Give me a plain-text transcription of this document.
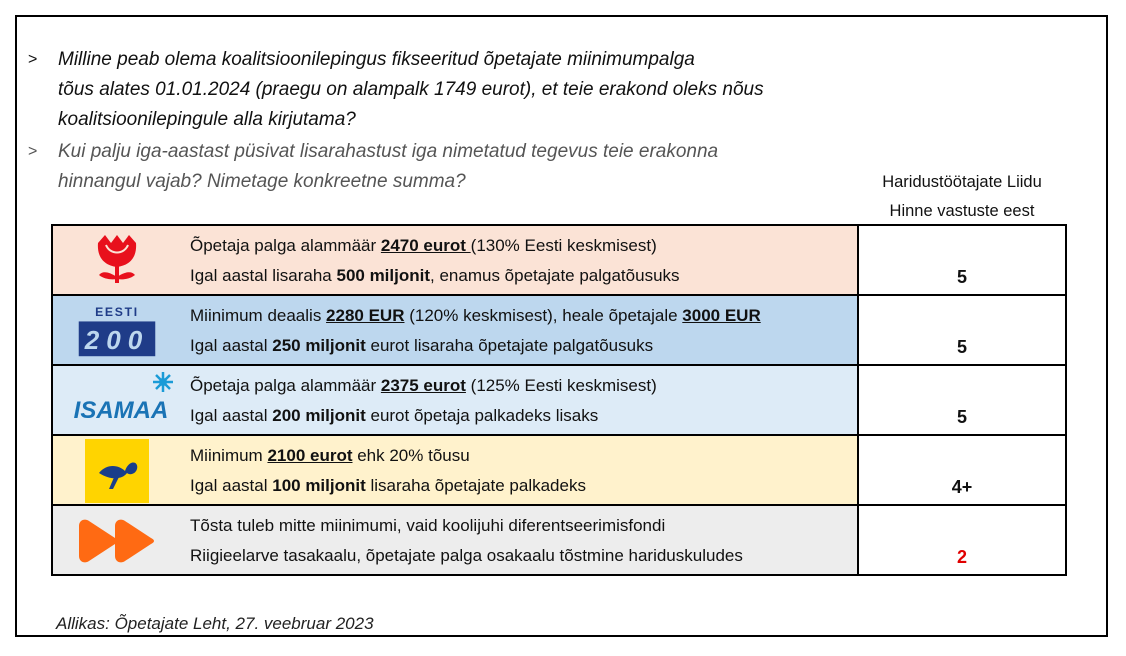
> Milline peab olema koalitsioonilepingus fikseeritud õpetajate miinimumpalga
tõus alates 01.01.2024 (praegu on alampalk 1749 eurot), et teie erakond oleks nõus
koalitsioonilepingule alla kirjutama?
> Kui palju iga-aastast püsivat lisarahastust iga nimetatud tegevus teie erakonna
hinnangul vajab? Nimetage konkreetne summa?	Haridustöötajate Liidu
Hinne vastuste eest
Õpetaja palga alammäär 2470 eurot (130% Eesti keskmisest)
Igal aastal lisaraha 500 miljonit, enamus õpetajate palgatõusuks	5

EESTI
200
Miinimum deaalis 2280 EUR (120% keskmisest), heale õpetajale 3000 EUR
Igal aastal 250 miljonit eurot lisaraha õpetajate palgatõusuks	5

ISAMAA
Õpetaja palga alammäär 2375 eurot (125% Eesti keskmisest)
Igal aastal 200 miljonit eurot õpetaja palkadeks lisaks	5

Miinimum 2100 eurot ehk 20% tõusu
Igal aastal 100 miljonit lisaraha õpetajate palkadeks	4+

Tõsta tuleb mitte miinimumi, vaid koolijuhi diferentseerimisfondi
Riigieelarve tasakaalu, õpetajate palga osakaalu tõstmine hariduskuludes	2
Allikas: Õpetajate Leht, 27. veebruar 2023
